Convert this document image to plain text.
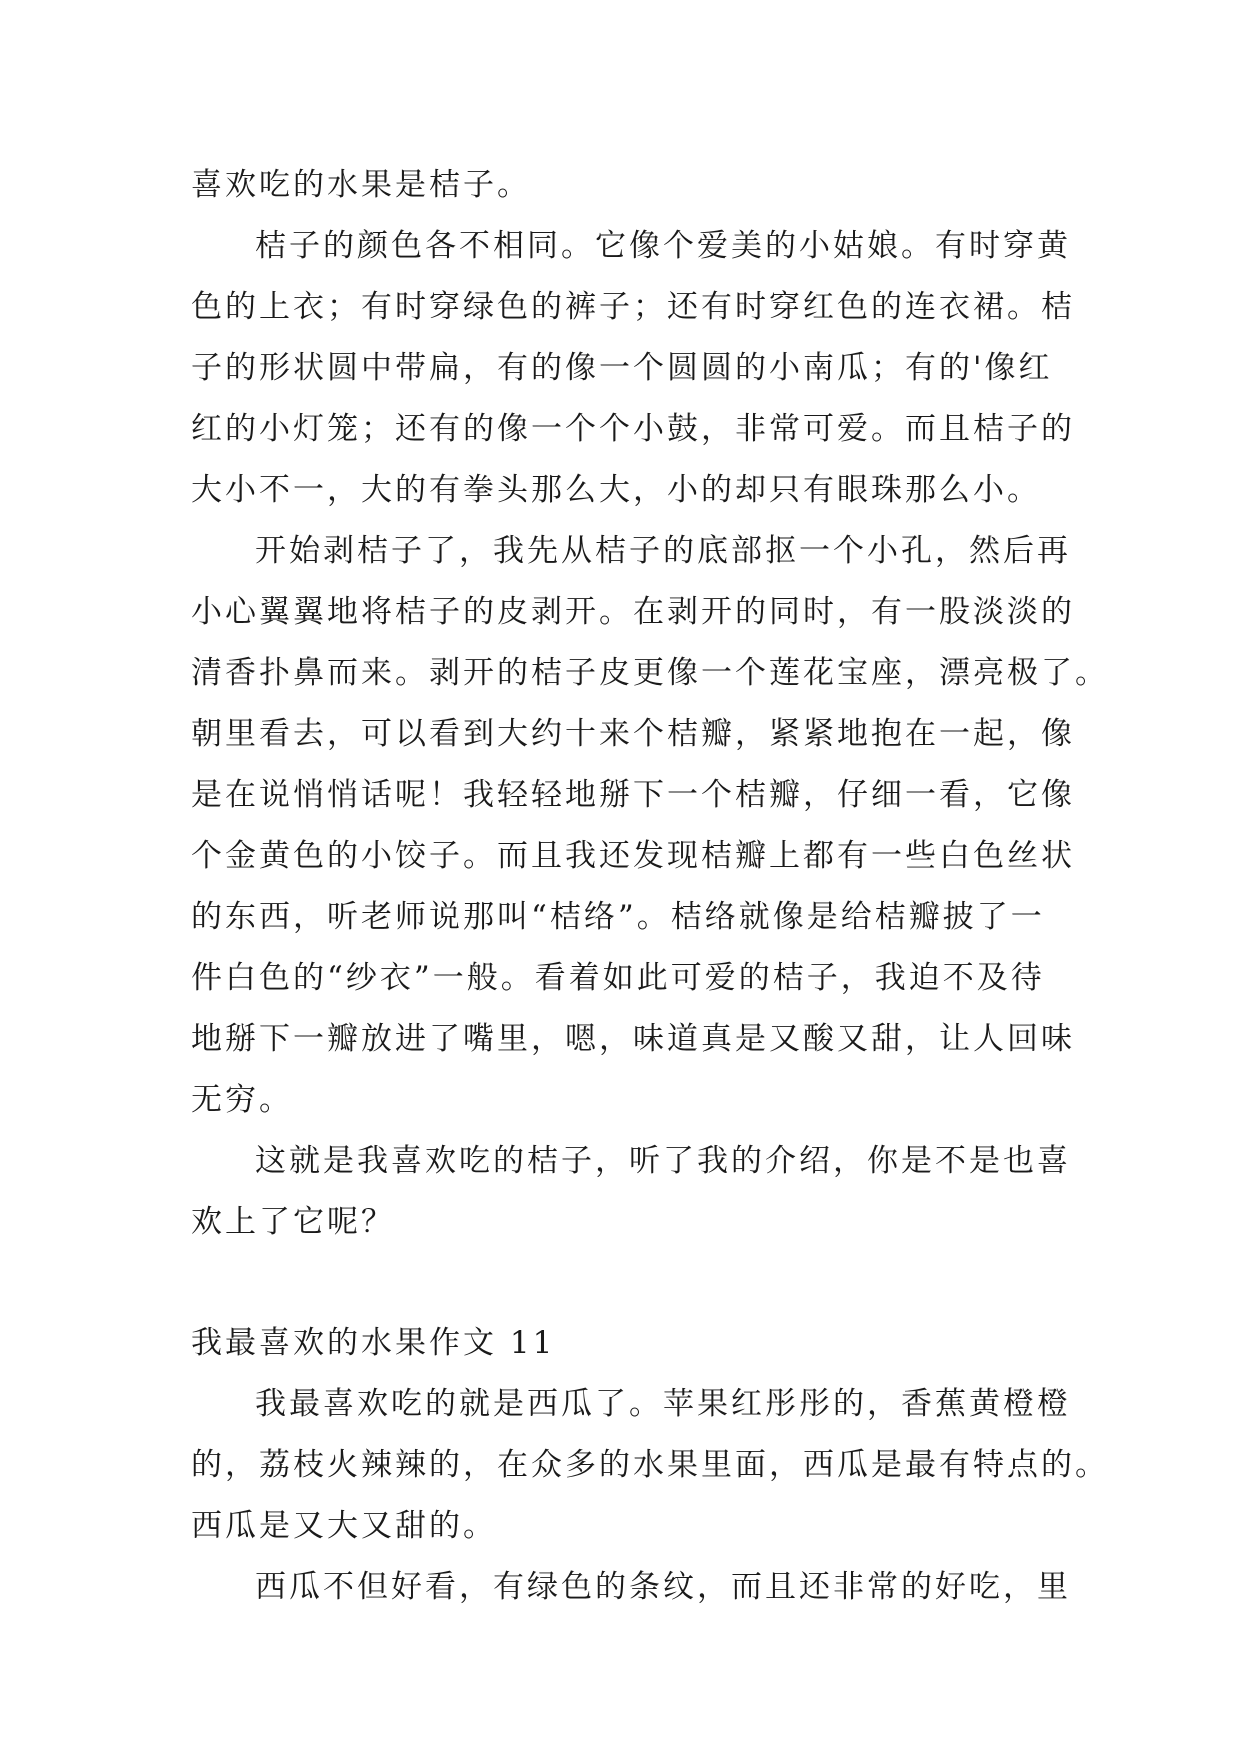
喜欢吃的水果是桔子。
桔子的颜色各不相同。它像个爱美的小姑娘。有时穿黄
色的上衣；有时穿绿色的裤子；还有时穿红色的连衣裙。桔
子的形状圆中带扁，有的像一个圆圆的小南瓜；有的'像红
红的小灯笼；还有的像一个个小鼓，非常可爱。而且桔子的
大小不一，大的有拳头那么大，小的却只有眼珠那么小。
开始剥桔子了，我先从桔子的底部抠一个小孔，然后再
小心翼翼地将桔子的皮剥开。在剥开的同时，有一股淡淡的
清香扑鼻而来。剥开的桔子皮更像一个莲花宝座，漂亮极了。
朝里看去，可以看到大约十来个桔瓣，紧紧地抱在一起，像
是在说悄悄话呢！我轻轻地掰下一个桔瓣，仔细一看，它像
个金黄色的小饺子。而且我还发现桔瓣上都有一些白色丝状
的东西，听老师说那叫“桔络”。桔络就像是给桔瓣披了一
件白色的“纱衣”一般。看着如此可爱的桔子，我迫不及待
地掰下一瓣放进了嘴里，嗯，味道真是又酸又甜，让人回味
无穷。
这就是我喜欢吃的桔子，听了我的介绍，你是不是也喜
欢上了它呢？
我最喜欢的水果作文 11
我最喜欢吃的就是西瓜了。苹果红彤彤的，香蕉黄橙橙
的，荔枝火辣辣的，在众多的水果里面，西瓜是最有特点的。
西瓜是又大又甜的。
西瓜不但好看，有绿色的条纹，而且还非常的好吃，里
